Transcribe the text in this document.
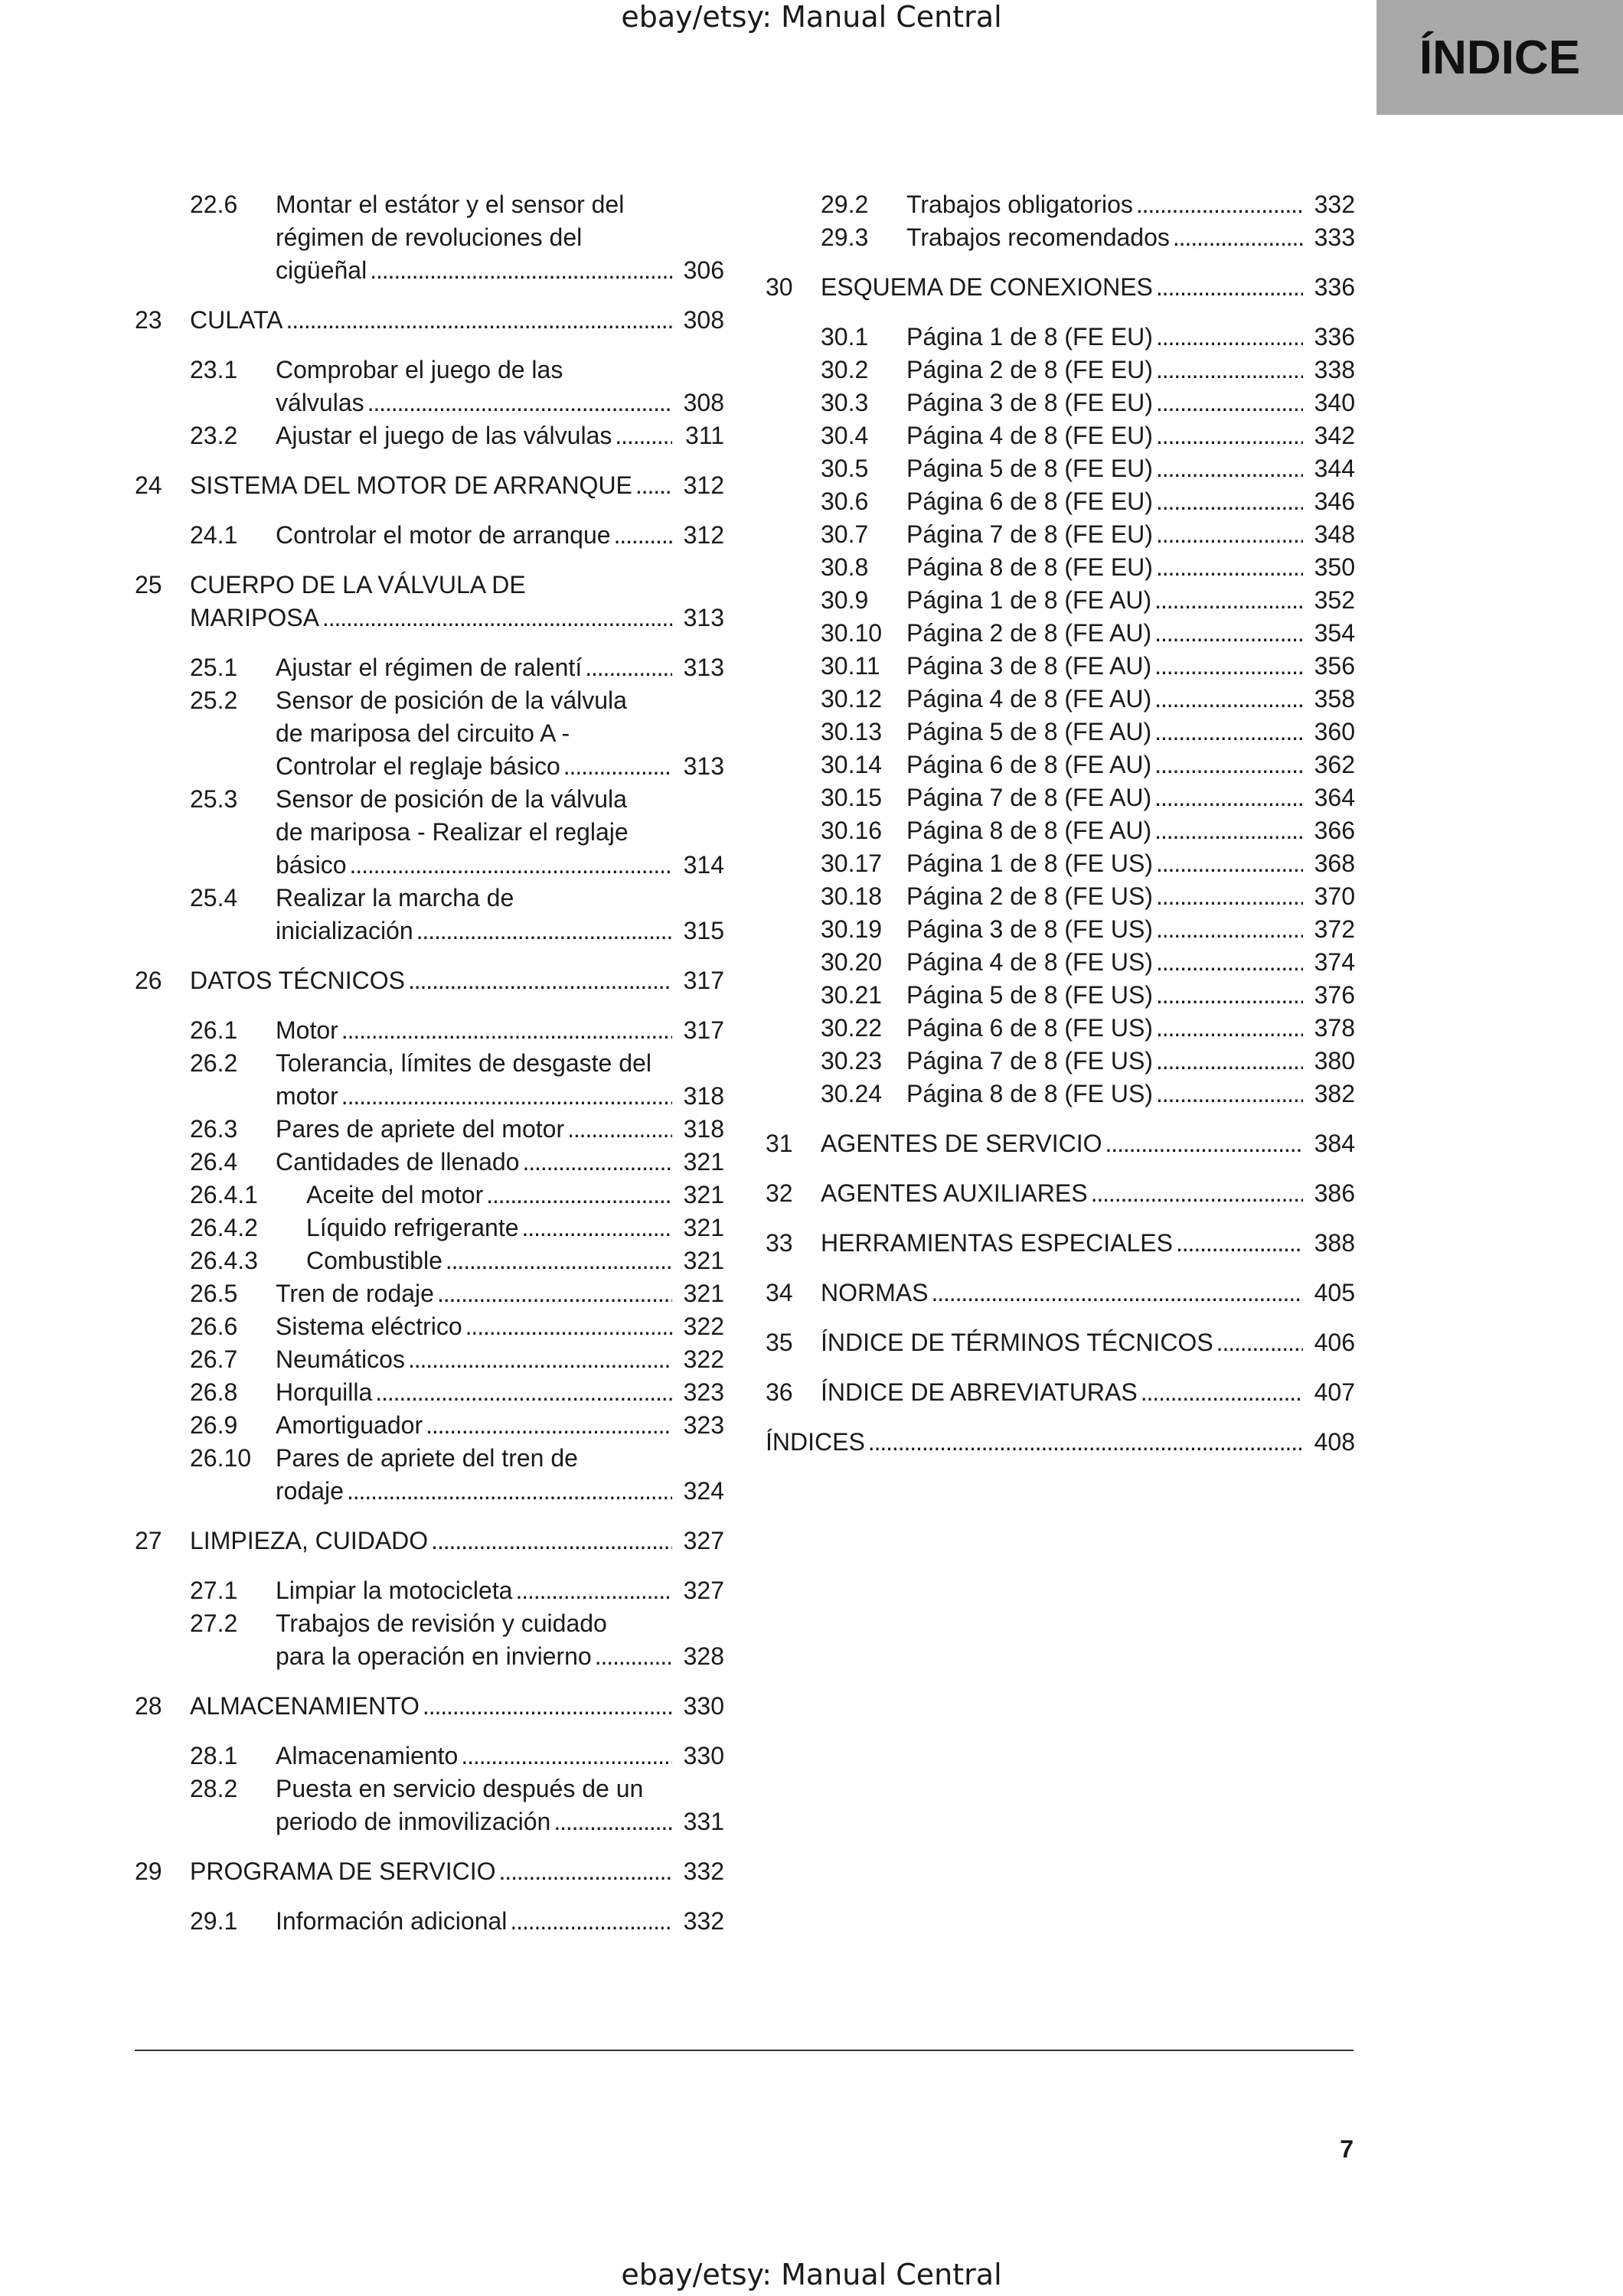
ebay/etsy: Manual Central
ÍNDICE
22.6	Montar el estátor y el sensor del
régimen de revoluciones del
cigüeñal . . .	306
23	CULATA . . .	308
23.1	Comprobar el juego de las
válvulas . . .	308
23.2	Ajustar el juego de las válvulas . . .	311
24	SISTEMA DEL MOTOR DE ARRANQUE . . .	312
24.1	Controlar el motor de arranque . . .	312
25	CUERPO DE LA VÁLVULA DE
MARIPOSA . . .	313
25.1	Ajustar el régimen de ralentí . . .	313
25.2	Sensor de posición de la válvula
de mariposa del circuito A -
Controlar el reglaje básico . . .	313
25.3	Sensor de posición de la válvula
de mariposa - Realizar el reglaje
básico . . .	314
25.4	Realizar la marcha de
inicialización . . .	315
26	DATOS TÉCNICOS . . .	317
26.1	Motor . . .	317
26.2	Tolerancia, límites de desgaste del
motor . . .	318
26.3	Pares de apriete del motor . . .	318
26.4	Cantidades de llenado . . .	321
26.4.1	Aceite del motor . . .	321
26.4.2	Líquido refrigerante . . .	321
26.4.3	Combustible . . .	321
26.5	Tren de rodaje . . .	321
26.6	Sistema eléctrico . . .	322
26.7	Neumáticos . . .	322
26.8	Horquilla . . .	323
26.9	Amortiguador . . .	323
26.10 Pares de apriete del tren de
rodaje . . .	324
27	LIMPIEZA, CUIDADO . . .	327
27.1	Limpiar la motocicleta . . .	327
27.2	Trabajos de revisión y cuidado
para la operación en invierno . . .	328
28	ALMACENAMIENTO . . .	330
28.1	Almacenamiento . . .	330
28.2	Puesta en servicio después de un
periodo de inmovilización . . .	331
29	PROGRAMA DE SERVICIO . . .	332
29.1	Información adicional . . .	332
29.2	Trabajos obligatorios . . .	332
29.3	Trabajos recomendados . . .	333
30	ESQUEMA DE CONEXIONES . . .	336
30.1	Página 1 de 8 (FE EU) . . .	336
30.2	Página 2 de 8 (FE EU) . . .	338
30.3	Página 3 de 8 (FE EU) . . .	340
30.4	Página 4 de 8 (FE EU) . . .	342
30.5	Página 5 de 8 (FE EU) . . .	344
30.6	Página 6 de 8 (FE EU) . . .	346
30.7	Página 7 de 8 (FE EU) . . .	348
30.8	Página 8 de 8 (FE EU) . . .	350
30.9	Página 1 de 8 (FE AU) . . .	352
30.10 Página 2 de 8 (FE AU) . . .	354
30.11	Página 3 de 8 (FE AU) . . .	356
30.12 Página 4 de 8 (FE AU) . . .	358
30.13 Página 5 de 8 (FE AU) . . .	360
30.14 Página 6 de 8 (FE AU) . . .	362
30.15 Página 7 de 8 (FE AU) . . .	364
30.16 Página 8 de 8 (FE AU) . . .	366
30.17 Página 1 de 8 (FE US) . . .	368
30.18 Página 2 de 8 (FE US) . . .	370
30.19 Página 3 de 8 (FE US) . . .	372
30.20 Página 4 de 8 (FE US) . . .	374
30.21 Página 5 de 8 (FE US) . . .	376
30.22 Página 6 de 8 (FE US) . . .	378
30.23 Página 7 de 8 (FE US) . . .	380
30.24 Página 8 de 8 (FE US) . . .	382
31	AGENTES DE SERVICIO . . .	384
32	AGENTES AUXILIARES . . .	386
33	HERRAMIENTAS ESPECIALES . . .	388
34	NORMAS . . .	405
35	ÍNDICE DE TÉRMINOS TÉCNICOS . . .	406
36	ÍNDICE DE ABREVIATURAS . . .	407
ÍNDICES . . .	408
7
ebay/etsy: Manual Central
